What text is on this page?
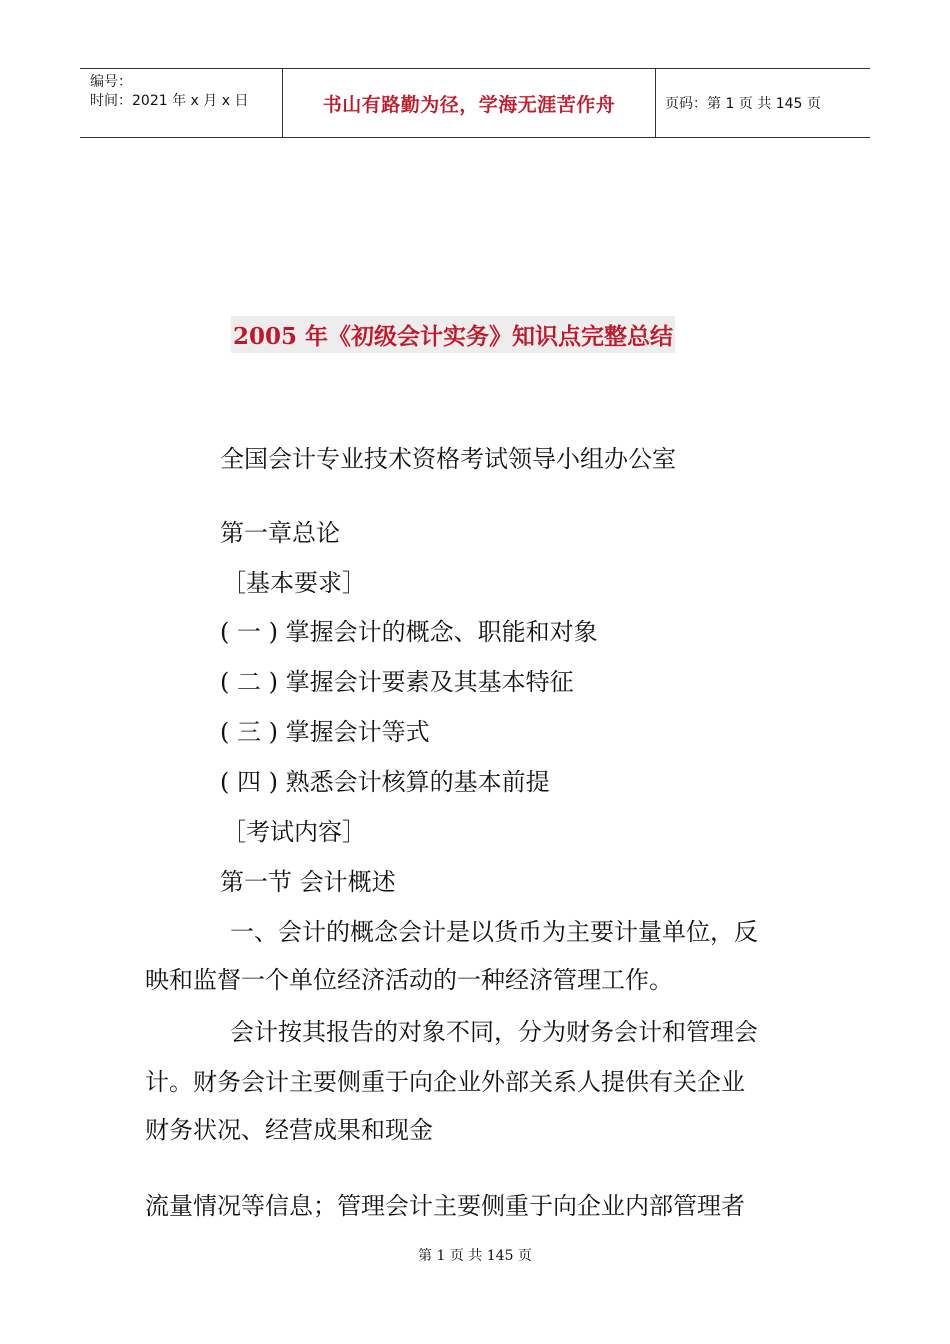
编号：
时间：2021 年 x 月 x 日	书山有路勤为径，学海无涯苦作舟	页码：第 1 页 共 145 页
2005 年《初级会计实务》知识点完整总结
全国会计专业技术资格考试领导小组办公室
第一章总论
［基本要求］
( 一 ) 掌握会计的概念、职能和对象
( 二 ) 掌握会计要素及其基本特征
( 三 ) 掌握会计等式
( 四 ) 熟悉会计核算的基本前提
［考试内容］
第一节 会计概述
一、会计的概念会计是以货币为主要计量单位，反
映和监督一个单位经济活动的一种经济管理工作。
会计按其报告的对象不同，分为财务会计和管理会
计。财务会计主要侧重于向企业外部关系人提供有关企业
财务状况、经营成果和现金
流量情况等信息；管理会计主要侧重于向企业内部管理者
第 1 页 共 145 页
